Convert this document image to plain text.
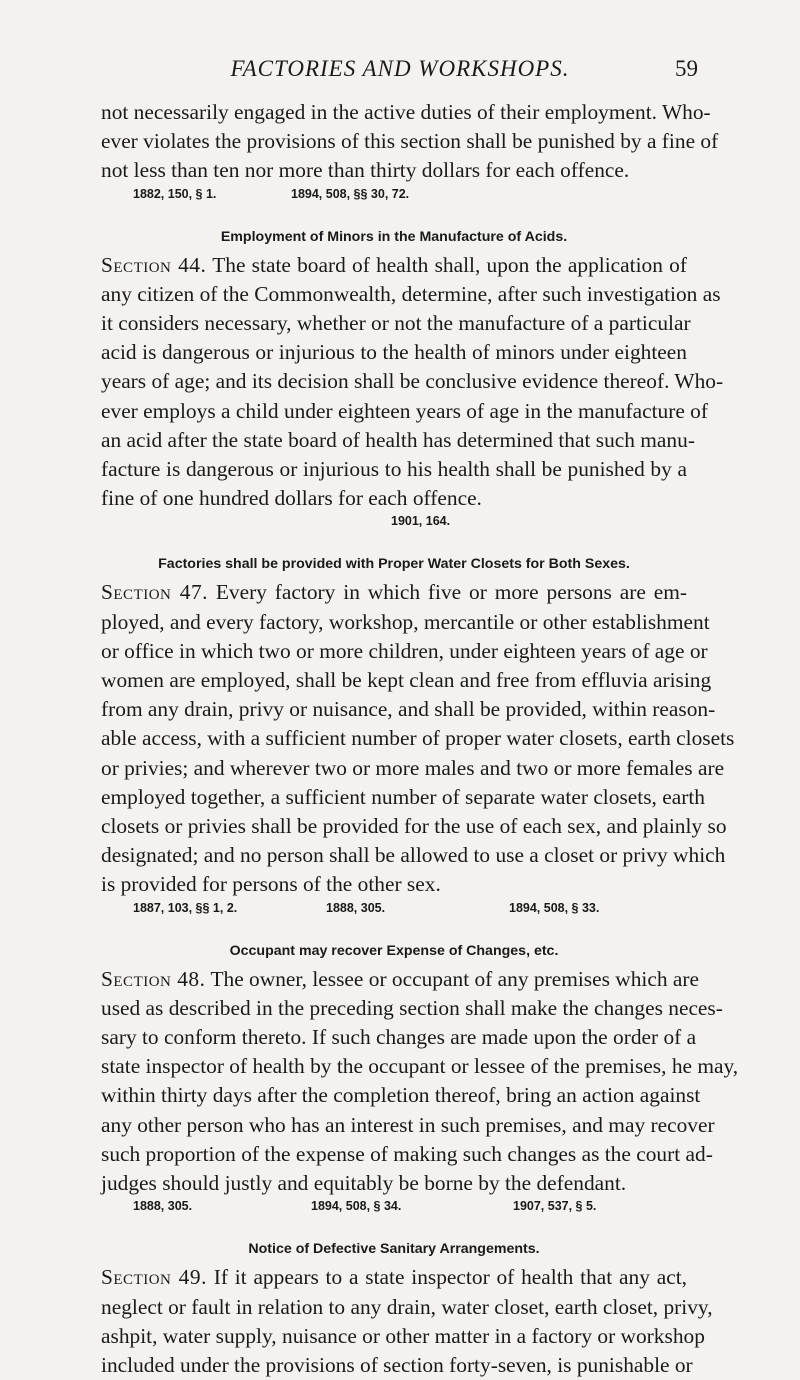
FACTORIES AND WORKSHOPS.	59

not necessarily engaged in the active duties of their employment. Who-
ever violates the provisions of this section shall be punished by a fine of
not less than ten nor more than thirty dollars for each offence.

1882, 150, § 1.	1894, 508, §§ 30, 72.
Employment of Minors in the Manufacture of Acids.

Section 44. The state board of health shall, upon the application of
any citizen of the Commonwealth, determine, after such investigation as
it considers necessary, whether or not the manufacture of a particular
acid is dangerous or injurious to the health of minors under eighteen
years of age; and its decision shall be conclusive evidence thereof. Who-
ever employs a child under eighteen years of age in the manufacture of
an acid after the state board of health has determined that such manu-
facture is dangerous or injurious to his health shall be punished by a
fine of one hundred dollars for each offence.

1901, 164.
Factories shall be provided with Proper Water Closets for Both Sexes.

Section 47. Every factory in which five or more persons are em-
ployed, and every factory, workshop, mercantile or other establishment
or office in which two or more children, under eighteen years of age or
women are employed, shall be kept clean and free from effluvia arising
from any drain, privy or nuisance, and shall be provided, within reason-
able access, with a sufficient number of proper water closets, earth closets
or privies; and wherever two or more males and two or more females are
employed together, a sufficient number of separate water closets, earth
closets or privies shall be provided for the use of each sex, and plainly so
designated; and no person shall be allowed to use a closet or privy which
is provided for persons of the other sex.

1887, 103, §§ 1, 2.	1888, 305.	1894, 508, § 33.
Occupant may recover Expense of Changes, etc.

Section 48. The owner, lessee or occupant of any premises which are
used as described in the preceding section shall make the changes neces-
sary to conform thereto. If such changes are made upon the order of a
state inspector of health by the occupant or lessee of the premises, he may,
within thirty days after the completion thereof, bring an action against
any other person who has an interest in such premises, and may recover
such proportion of the expense of making such changes as the court ad-
judges should justly and equitably be borne by the defendant.

1888, 305.	1894, 508, § 34.	1907, 537, § 5.
Notice of Defective Sanitary Arrangements.

Section 49. If it appears to a state inspector of health that any act,
neglect or fault in relation to any drain, water closet, earth closet, privy,
ashpit, water supply, nuisance or other matter in a factory or workshop
included under the provisions of section forty-seven, is punishable or
